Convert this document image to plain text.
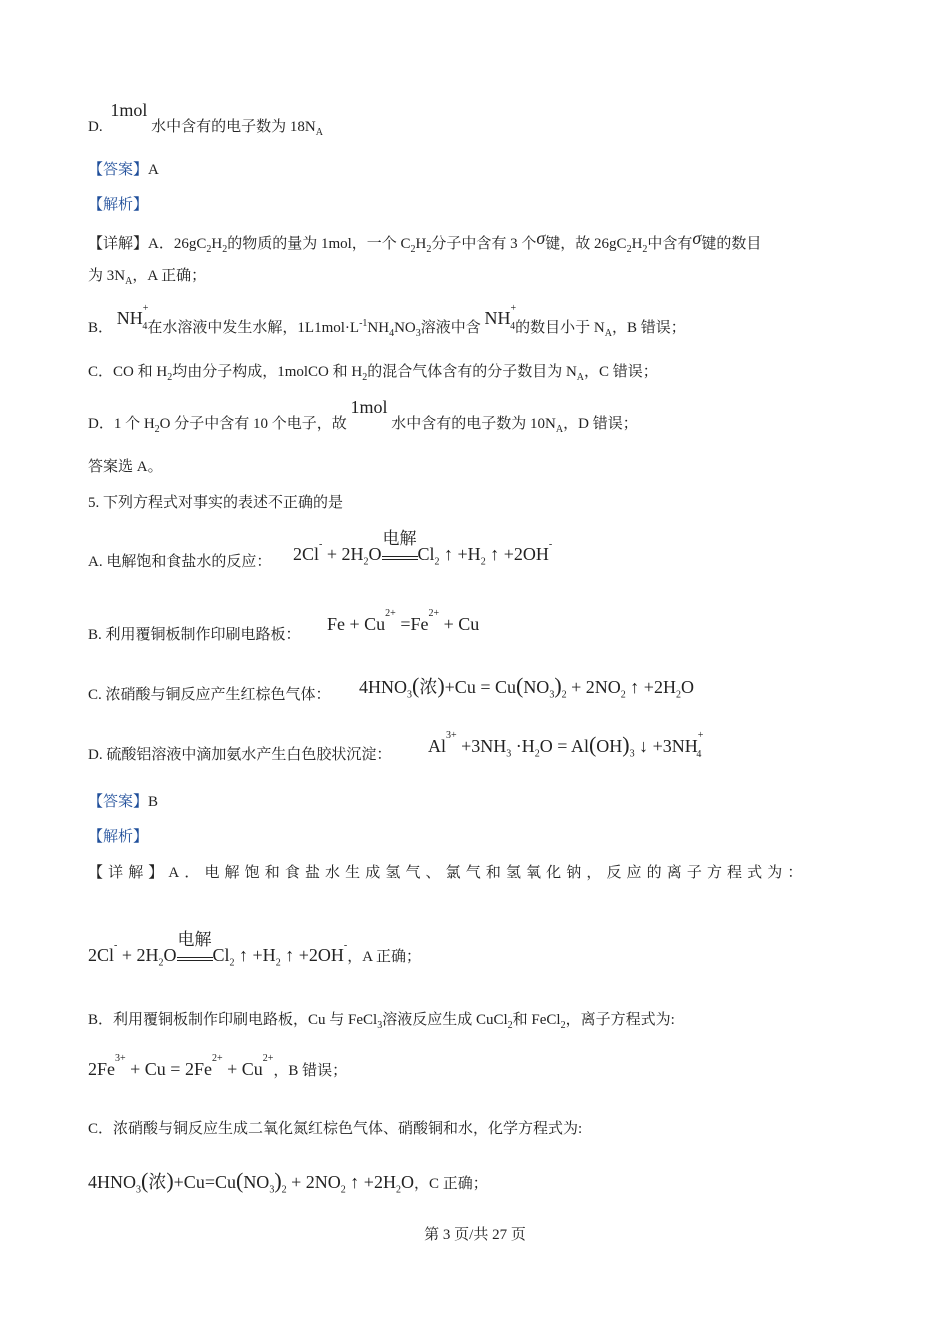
D. 1mol 水中含有的电子数为 $18N_A$
【答案】A
【解析】
【详解】A．$26gC_2H_2$的物质的量为 1mol，一个 $C_2H_2$分子中含有 3 个σ键，故 $26gC_2H_2$中含有σ键的数目
为 $3N_A$，A 正确；
B． $NH^+_4$在水溶液中发生水解，$1L1mol\cdot L^{-1}NH_4NO_3$溶液中含 $NH^+_4$的数目小于 $N_A$，B 错误；
C．CO 和 $H_2$均由分子构成，1molCO 和 $H_2$的混合气体含有的分子数目为 $N_A$，C 错误；
D．1 个 $H_2O$ 分子中含有 10 个电子，故 1mol 水中含有的电子数为 $10N_A$，D 错误；
答案选 A。
5. 下列方程式对事实的表述不正确的是
A. 电解饱和食盐水的反应： $2Cl^- + 2H_2O$
电解
$Cl_2$ ↑ $+H_2$ ↑ +2OH-
B. 利用覆铜板制作印刷电路板：
$Fe + Cu^{2+} =Fe^{2+} + Cu$
C. 浓硝酸与铜反应产生红棕色气体： $4HNO_3$(浓)$+Cu = Cu(NO_3)_2 + 2NO_2$ ↑ $+2H_2O$
D. 硫酸铝溶液中滴加氨水产生白色胶状沉淀： $Al^{3+} +3NH_3 \cdot H_2O = Al(OH)_3$ ↓ $+3NH^+_4$
【答案】B
【解析】
【详解】A．电解饱和食盐水生成氢气、氯气和氢氧化钠，反应的离子方程式为：
$2Cl^- + 2H_2O$
电解
$Cl_2$ ↑ $+H_2$ ↑ +2OH-，A 正确；
B．利用覆铜板制作印刷电路板，Cu 与 FeCl$_3$溶液反应生成 CuCl$_2$和 FeCl$_2$，离子方程式为:
$2Fe^{3+} + Cu = 2Fe^{2+} + Cu^{2+}$，B 错误；
C．浓硝酸与铜反应生成二氧化氮红棕色气体、硝酸铜和水，化学方程式为:
$4HNO_3$(浓)$+Cu=Cu(NO_3)_2 + 2NO_2$ ↑ $+2H_2O$，C 正确；
第 3 页/共 27 页
